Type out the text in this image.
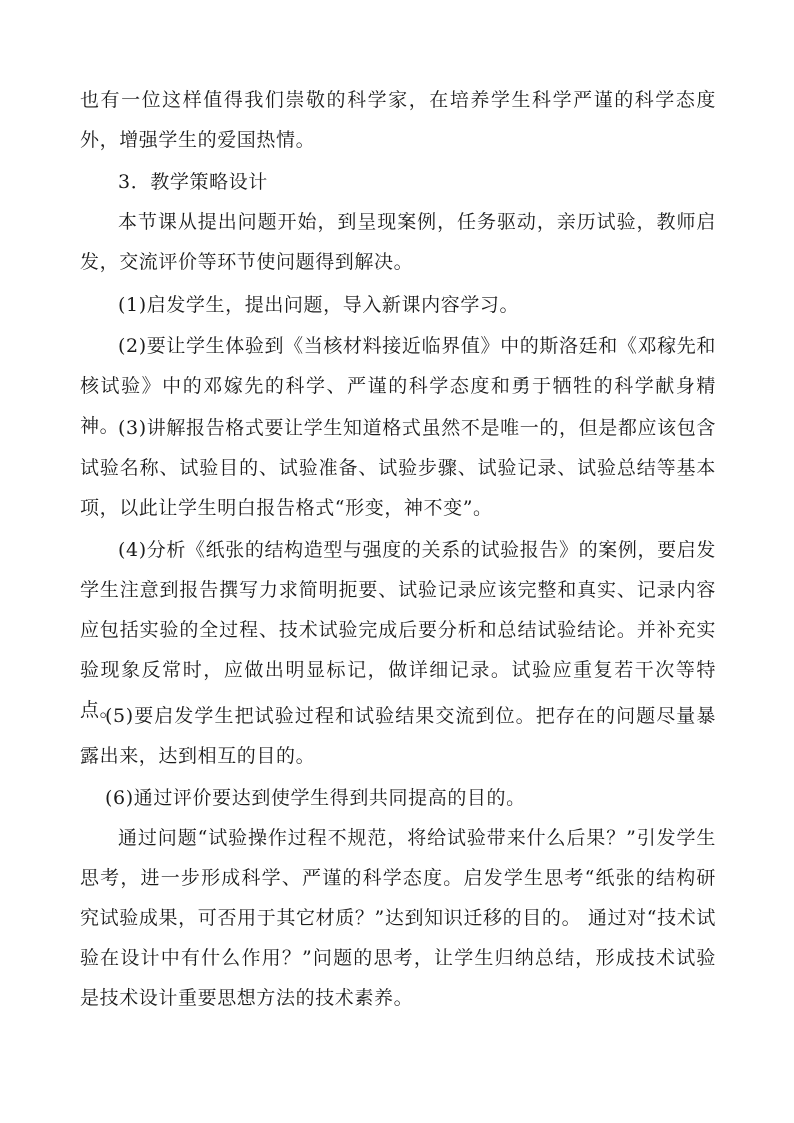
也有一位这样值得我们崇敬的科学家，在培养学生科学严谨的科学态度外，增强学生的爱国热情。
3．教学策略设计
本节课从提出问题开始，到呈现案例，任务驱动，亲历试验，教师启发，交流评价等环节使问题得到解决。
(1)启发学生，提出问题，导入新课内容学习。
(2)要让学生体验到《当核材料接近临界值》中的斯洛廷和《邓稼先和核试验》中的邓嫁先的科学、严谨的科学态度和勇于牺牲的科学献身精神。
(3)讲解报告格式要让学生知道格式虽然不是唯一的，但是都应该包含试验名称、试验目的、试验准备、试验步骤、试验记录、试验总结等基本项，以此让学生明白报告格式“形变，神不变”。
(4)分析《纸张的结构造型与强度的关系的试验报告》的案例，要启发学生注意到报告撰写力求简明扼要、试验记录应该完整和真实、记录内容应包括实验的全过程、技术试验完成后要分析和总结试验结论。并补充实验现象反常时，应做出明显标记，做详细记录。试验应重复若干次等特点。
(5)要启发学生把试验过程和试验结果交流到位。把存在的问题尽量暴露出来，达到相互的目的。
(6)通过评价要达到使学生得到共同提高的目的。
通过问题“试验操作过程不规范，将给试验带来什么后果？”引发学生思考，进一步形成科学、严谨的科学态度。启发学生思考“纸张的结构研究试验成果，可否用于其它材质？”达到知识迁移的目的。 通过对“技术试验在设计中有什么作用？”问题的思考，让学生归纳总结，形成技术试验是技术设计重要思想方法的技术素养。
